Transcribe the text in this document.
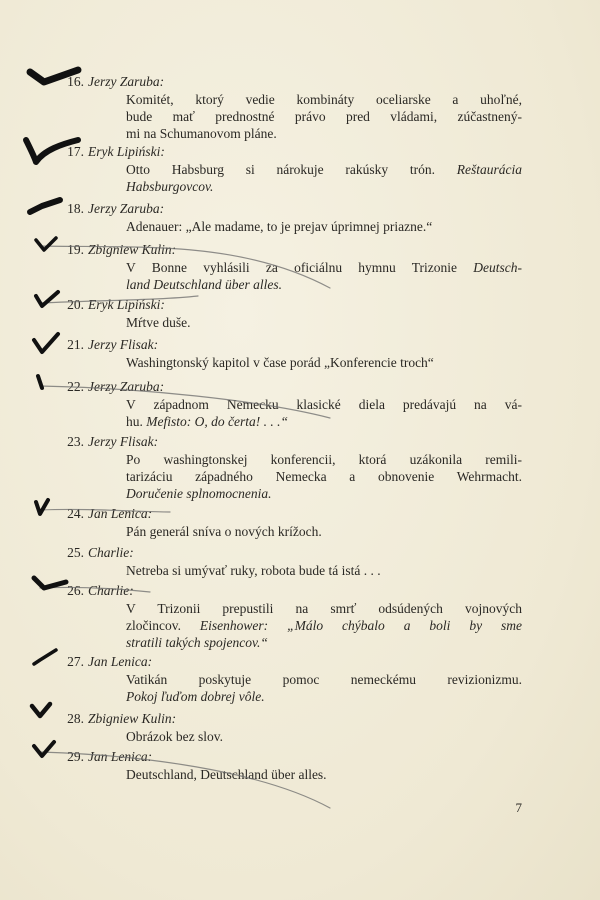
16. Jerzy Zaruba:

Komitét, ktorý vedie kombináty oceliarske a uhoľné,

bude mať prednostné právo pred vládami, zúčastnený-

mi na Schumanovom pláne.

17. Eryk Lipiński:

Otto Habsburg si nárokuje rakúsky trón. Reštaurácia

Habsburgovcov.

18. Jerzy Zaruba:

Adenauer: „Ale madame, to je prejav úprimnej priazne.“

19. Zbigniew Kulin:

V Bonne vyhlásili za oficiálnu hymnu Trizonie Deutsch-

land Deutschland über alles.

20. Eryk Lipiński:

Mŕtve duše.

21. Jerzy Flisak:

Washingtonský kapitol v čase porád „Konferencie troch“

22. Jerzy Zaruba:

V západnom Nemecku klasické diela predávajú na vá-

hu. Mefisto: O, do čerta! . . .“

23. Jerzy Flisak:

Po washingtonskej konferencii, ktorá uzákonila remili-

tarizáciu západného Nemecka a obnovenie Wehrmacht.

Doručenie splnomocnenia.

24. Jan Lenica:

Pán generál sníva o nových krížoch.

25. Charlie:

Netreba si umývať ruky, robota bude tá istá . . .

26. Charlie:

V Trizonii prepustili na smrť odsúdených vojnových

zločincov. Eisenhower: „Málo chýbalo a boli by sme

stratili takých spojencov.“

27. Jan Lenica:

Vatikán poskytuje pomoc nemeckému revizionizmu.

Pokoj ľuďom dobrej vôle.

28. Zbigniew Kulin:

Obrázok bez slov.

29. Jan Lenica:

Deutschland, Deutschland über alles.

7
